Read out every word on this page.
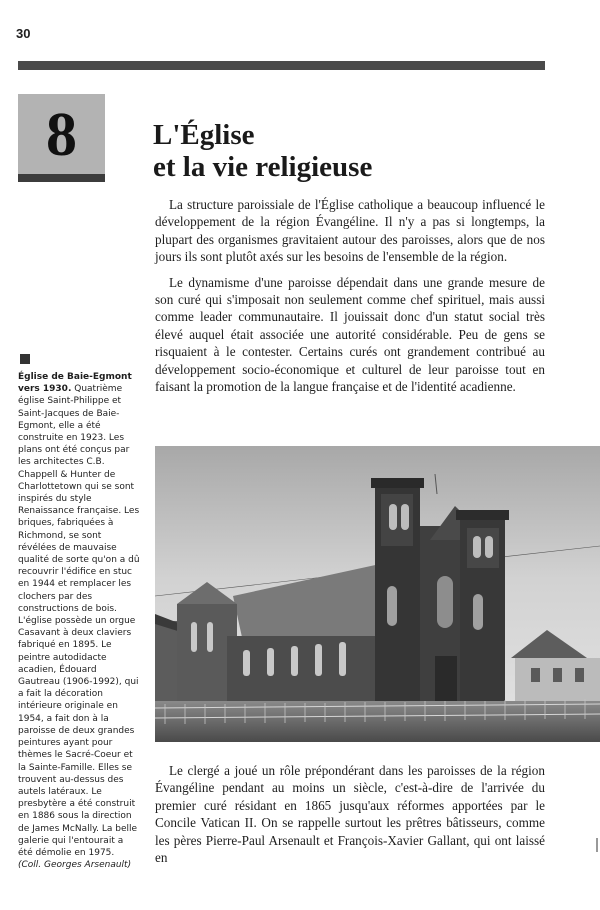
30
8	L'Église
et la vie religieuse

La structure paroissiale de l'Église catholique a beaucoup influencé le développement de la région Évangéline. Il n'y a pas si longtemps, la plupart des organismes gravitaient autour des paroisses, alors que de nos jours ils sont plutôt axés sur les besoins de l'ensemble de la région.

Le dynamisme d'une paroisse dépendait dans une grande mesure de son curé qui s'imposait non seulement comme chef spirituel, mais aussi comme leader communautaire. Il jouissait donc d'un statut social très élevé auquel était associée une autorité considérable. Peu de gens se risquaient à le contester. Certains curés ont grandement contribué au développement socio-économique et culturel de leur paroisse tout en faisant la promotion de la langue française et de l'identité acadienne.

Église de Baie-Egmont vers 1930. Quatrième église Saint-Philippe et Saint-Jacques de Baie-Egmont, elle a été construite en 1923. Les plans ont été conçus par les architectes C.B. Chappell & Hunter de Charlottetown qui se sont inspirés du style Renaissance française. Les briques, fabriquées à Richmond, se sont révélées de mauvaise qualité de sorte qu'on a dû recouvrir l'édifice en stuc en 1944 et remplacer les clochers par des constructions de bois. L'église possède un orgue Casavant à deux claviers fabriqué en 1895. Le peintre autodidacte acadien, Édouard Gautreau (1906-1992), qui a fait la décoration intérieure originale en 1954, a fait don à la paroisse de deux grandes peintures ayant pour thèmes le Sacré-Coeur et la Sainte-Famille. Elles se trouvent au-dessus des autels latéraux. Le presbytère a été construit en 1886 sous la direction de James McNally. La belle galerie qui l'entourait a été démolie en 1975. (Coll. Georges Arsenault)

Le clergé a joué un rôle prépondérant dans les paroisses de la région Évangéline pendant au moins un siècle, c'est-à-dire de l'arrivée du premier curé résidant en 1865 jusqu'aux réformes apportées par le Concile Vatican II. On se rappelle surtout les prêtres bâtisseurs, comme les pères Pierre-Paul Arsenault et François-Xavier Gallant, qui ont laissé en
